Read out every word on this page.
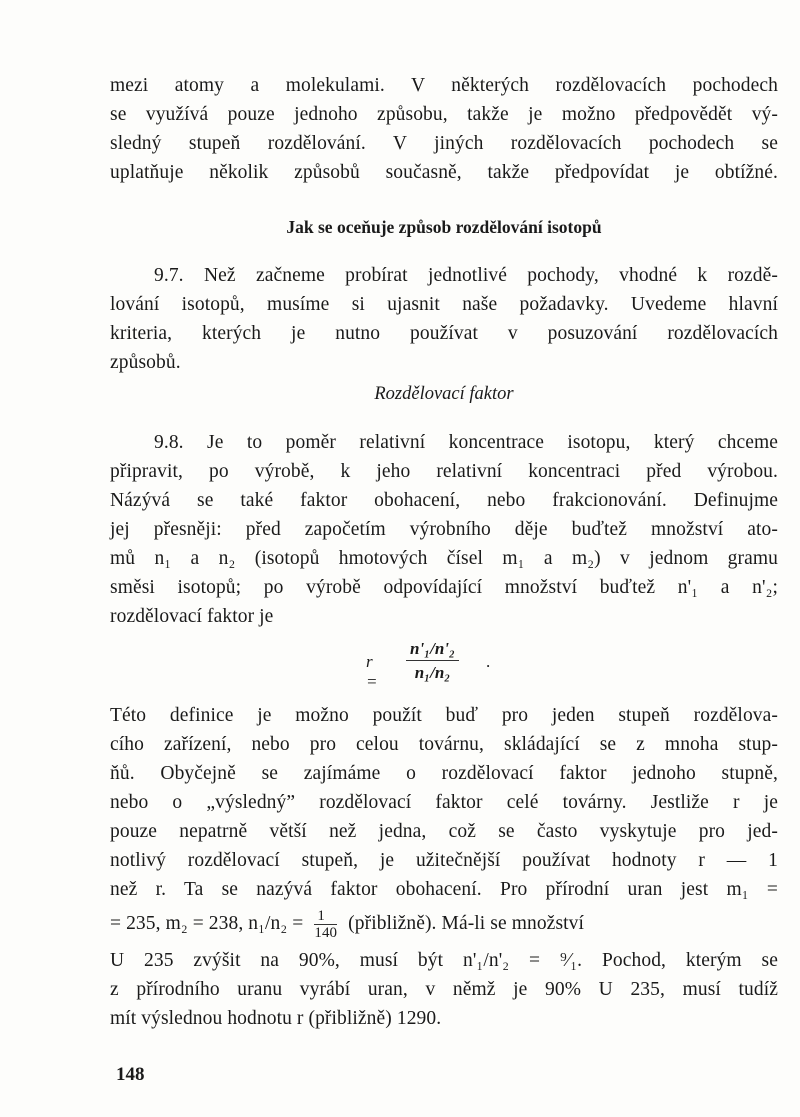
mezi atomy a molekulami. V některých rozdělovacích pochodech
se využívá pouze jednoho způsobu, takže je možno předpovědět vý-
sledný stupeň rozdělování. V jiných rozdělovacích pochodech se
uplatňuje několik způsobů současně, takže předpovídat je obtížné.
Jak se oceňuje způsob rozdělování isotopů
9.7. Než začneme probírat jednotlivé pochody, vhodné k rozdě-
lování isotopů, musíme si ujasnit naše požadavky. Uvedeme hlavní
kriteria, kterých je nutno používat v posuzování rozdělovacích
způsobů.
Rozdělovací faktor
9.8. Je to poměr relativní koncentrace isotopu, který chceme
připravit, po výrobě, k jeho relativní koncentraci před výrobou.
Názývá se také faktor obohacení, nebo frakcionování. Definujme
jej přesněji: před započetím výrobního děje buďtež množství ato-
mů n₁ a n₂ (isotopů hmotových čísel m₁ a m₂) v jednom gramu
směsi isotopů; po výrobě odpovídající množství buďtež n'₁ a n'₂;
rozdělovací faktor je
$r = \frac{\text{n'₁/n'₂}}{\text{n₁/n₂}}$ .
Této definice je možno použít buď pro jeden stupeň rozdělova-
cího zařízení, nebo pro celou továrnu, skládající se z mnoha stup-
ňů. Obyčejně se zajímáme o rozdělovací faktor jednoho stupně,
nebo o „výsledný” rozdělovací faktor celé továrny. Jestliže r je
pouze nepatrně větší než jedna, což se často vyskytuje pro jed-
notlivý rozdělovací stupeň, je užitečnější používat hodnoty r — 1
než r. Ta se nazývá faktor obohacení. Pro přírodní uran jest m₁ =
= 235, m₂ = 238, $n_1/n_2 = \frac{1}{140}$ (přibližně). Má-li se množství
U 235 zvýšit na 90%, musí být n'₁/n'₂ = ⁹⁄₁. Pochod, kterým se
z přírodního uranu vyrábí uran, v němž je 90% U 235, musí tudíž
mít výslednou hodnotu r (přibližně) 1290.
148
